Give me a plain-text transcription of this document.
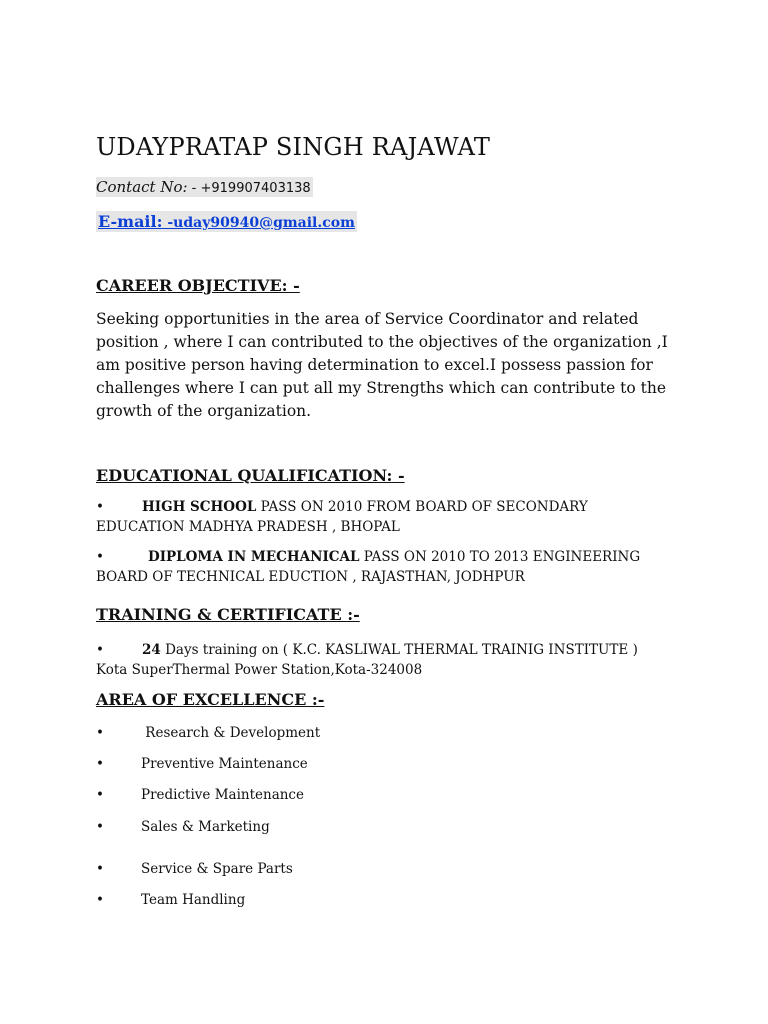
UDAYPRATAP SINGH RAJAWAT
Contact No: - +919907403138
E-mail: -uday90940@gmail.com
CAREER OBJECTIVE: -
Seeking opportunities in the area of Service Coordinator and related position , where I can contributed to the objectives of the organization ,I am positive person having determination to excel.I possess passion for challenges where I can put all my Strengths which can contribute to the growth of the organization.
EDUCATIONAL QUALIFICATION: -
•	HIGH SCHOOL PASS ON 2010 FROM BOARD OF SECONDARY EDUCATION MADHYA PRADESH , BHOPAL
•	DIPLOMA IN MECHANICAL PASS ON 2010 TO 2013 ENGINEERING BOARD OF TECHNICAL EDUCTION , RAJASTHAN, JODHPUR
TRAINING & CERTIFICATE :-
•	24 Days training on ( K.C. KASLIWAL THERMAL TRAINIG INSTITUTE ) Kota SuperThermal Power Station,Kota-324008
AREA OF EXCELLENCE :-
•	Research & Development
•	Preventive Maintenance
•	Predictive Maintenance
•	Sales & Marketing
•	Service & Spare Parts
•	Team Handling
